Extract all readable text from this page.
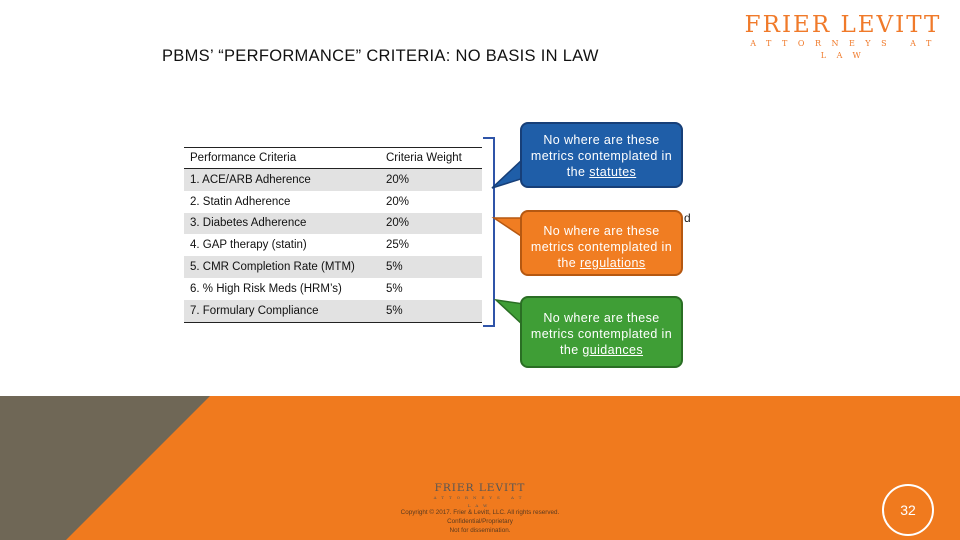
FRIER LEVITT
ATTORNEYS AT LAW
PBMS’ “PERFORMANCE” CRITERIA: NO BASIS IN LAW
Performance Criteria	Criteria Weight
1. ACE/ARB Adherence	20%
2. Statin Adherence	20%
3. Diabetes Adherence	20%
4. GAP therapy (statin)	25%
5. CMR Completion Rate (MTM)	5%
6. % High Risk Meds (HRM’s)	5%
7. Formulary Compliance	5%
No where are these metrics contemplated in the statutes
No where are these metrics contemplated in the regulations
No where are these metrics contemplated in the guidances
d
FRIER LEVITT
ATTORNEYS AT LAW
Copyright © 2017. Frier & Levitt, LLC. All rights reserved.
Confidential/Proprietary
Not for dissemination.
32
